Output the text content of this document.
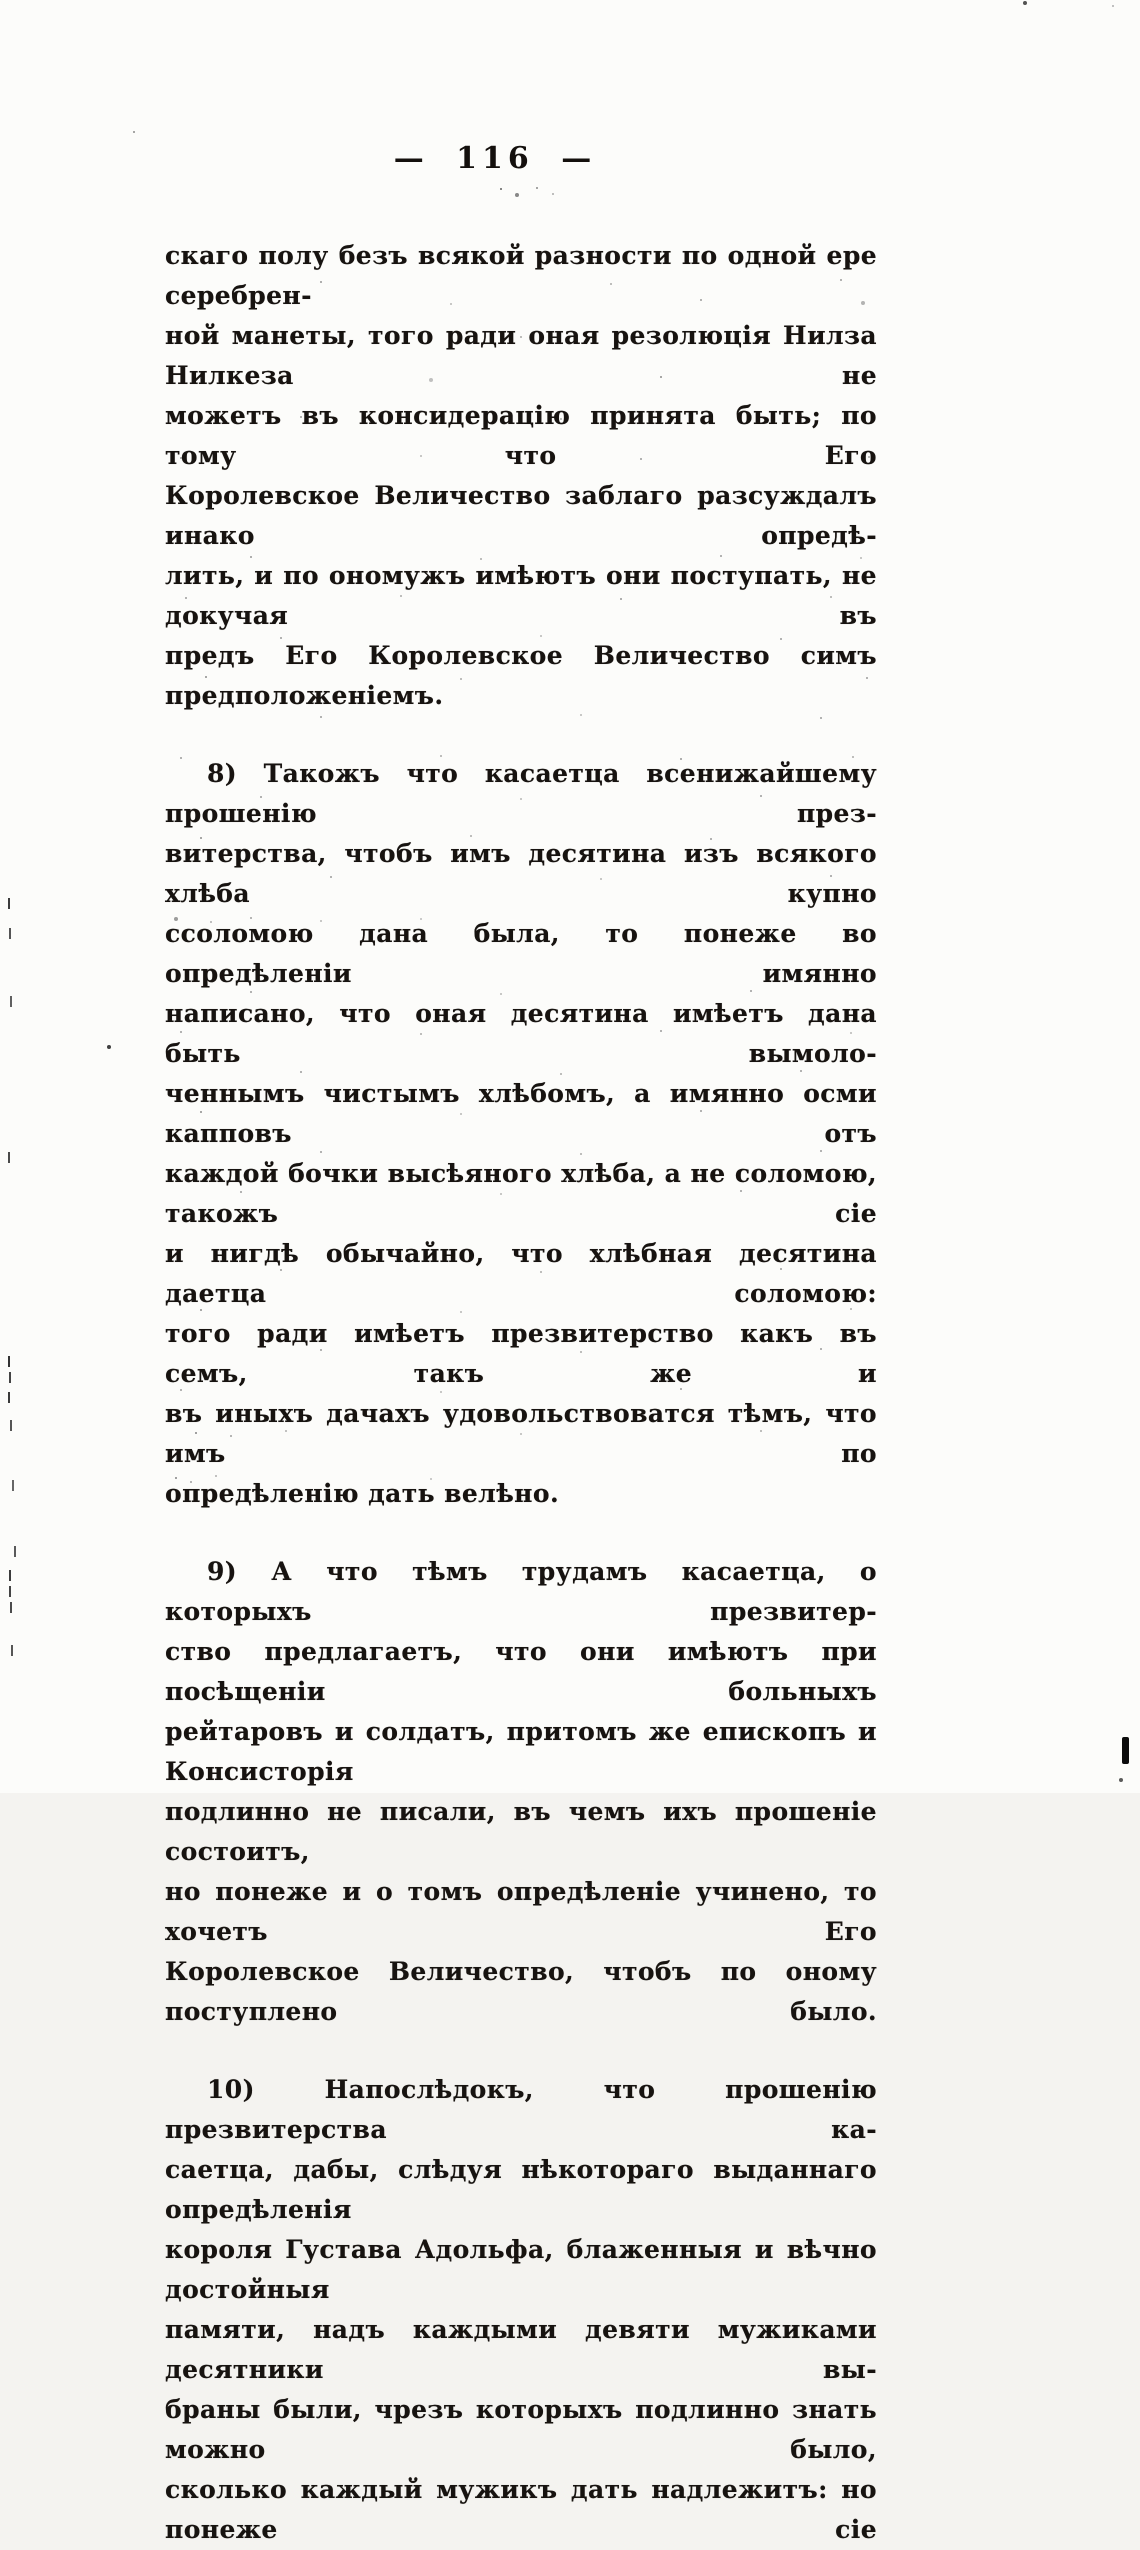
— 116 —
скаго полу безъ всякой разности по одной ере серебрен-
ной манеты, того ради оная резолюція Нилза Нилкеза не
можетъ въ консидерацію принята быть; по тому что Его
Королевское Величество заблаго разсуждалъ инако опредѣ-
лить, и по ономужъ имѣютъ они поступать, не докучая въ
предъ Его Королевское Величество симъ предположеніемъ.
8) Такожъ что касаетца всенижайшему прошенію през-
витерства, чтобъ имъ десятина изъ всякого хлѣба купно
ссоломою дана была, то понеже во опредѣленіи имянно
написано, что оная десятина имѣетъ дана быть вымоло-
ченнымъ чистымъ хлѣбомъ, а имянно осми капповъ отъ
каждой бочки высѣяного хлѣба, а не соломою, такожъ сіе
и нигдѣ обычайно, что хлѣбная десятина даетца соломою:
того ради имѣетъ презвитерство какъ въ семъ, такъ же и
въ иныхъ дачахъ удовольствоватся тѣмъ, что имъ по
опредѣленію дать велѣно.
9) А что тѣмъ трудамъ касаетца, о которыхъ презвитер-
ство предлагаетъ, что они имѣютъ при посѣщеніи больныхъ
рейтаровъ и солдатъ, притомъ же епископъ и Консисторія
подлинно не писали, въ чемъ ихъ прошеніе состоитъ,
но понеже и о томъ опредѣленіе учинено, то хочетъ Его
Королевское Величество, чтобъ по оному поступлено было.
10) Напослѣдокъ, что прошенію презвитерства ка-
саетца, дабы, слѣдуя нѣкотораго выданнаго опредѣленія
короля Густава Адольфа, блаженныя и вѣчно достойныя
памяти, надъ каждыми девяти мужиками десятники вы-
браны были, чрезъ которыхъ подлинно знать можно было,
сколько каждый мужикъ дать надлежитъ: но понеже сіе
